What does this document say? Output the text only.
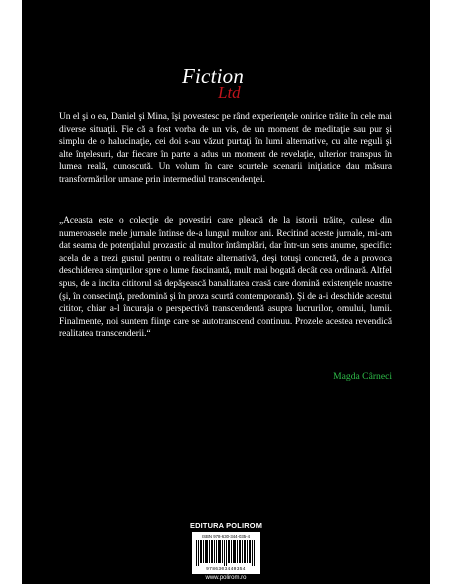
Fiction
Ltd

Un el şi o ea, Daniel şi Mina, îşi povestesc pe rând experienţele onirice trăite în cele mai diverse situaţii. Fie că a fost vorba de un vis, de un moment de meditaţie sau pur şi simplu de o halucinaţie, cei doi s-au văzut purtaţi în lumi alternative, cu alte reguli şi alte înţelesuri, dar fiecare în parte a adus un moment de revelaţie, ulterior transpus în lumea reală, cunoscută. Un volum în care scurtele scenarii iniţiatice dau măsura transformărilor umane prin intermediul transcendenţei.

„Aceasta este o colecţie de povestiri care pleacă de la istorii trăite, culese din numeroasele mele jurnale întinse de-a lungul multor ani. Recitind aceste jurnale, mi-am dat seama de potenţialul prozastic al multor întâmplări, dar într-un sens anume, specific: acela de a trezi gustul pentru o realitate alternativă, deşi totuşi concretă, de a provoca deschiderea simţurilor spre o lume fascinantă, mult mai bogată decât cea ordinară. Altfel spus, de a incita cititorul să depăşească banalitatea crasă care domină existenţele noastre (şi, în consecinţă, predomină şi în proza scurtă contemporană). Şi de a-i deschide acestui cititor, chiar a-l încuraja o perspectivă transcendentă asupra lucrurilor, omului, lumii. Finalmente, noi suntem fiinţe care se autotranscend continuu. Prozele acestea revendică realitatea transcenderii.“

Magda Cârneci
EDITURA POLIROM
ISBN 978-630-344-035-4
9786303440354
www.polirom.ro
